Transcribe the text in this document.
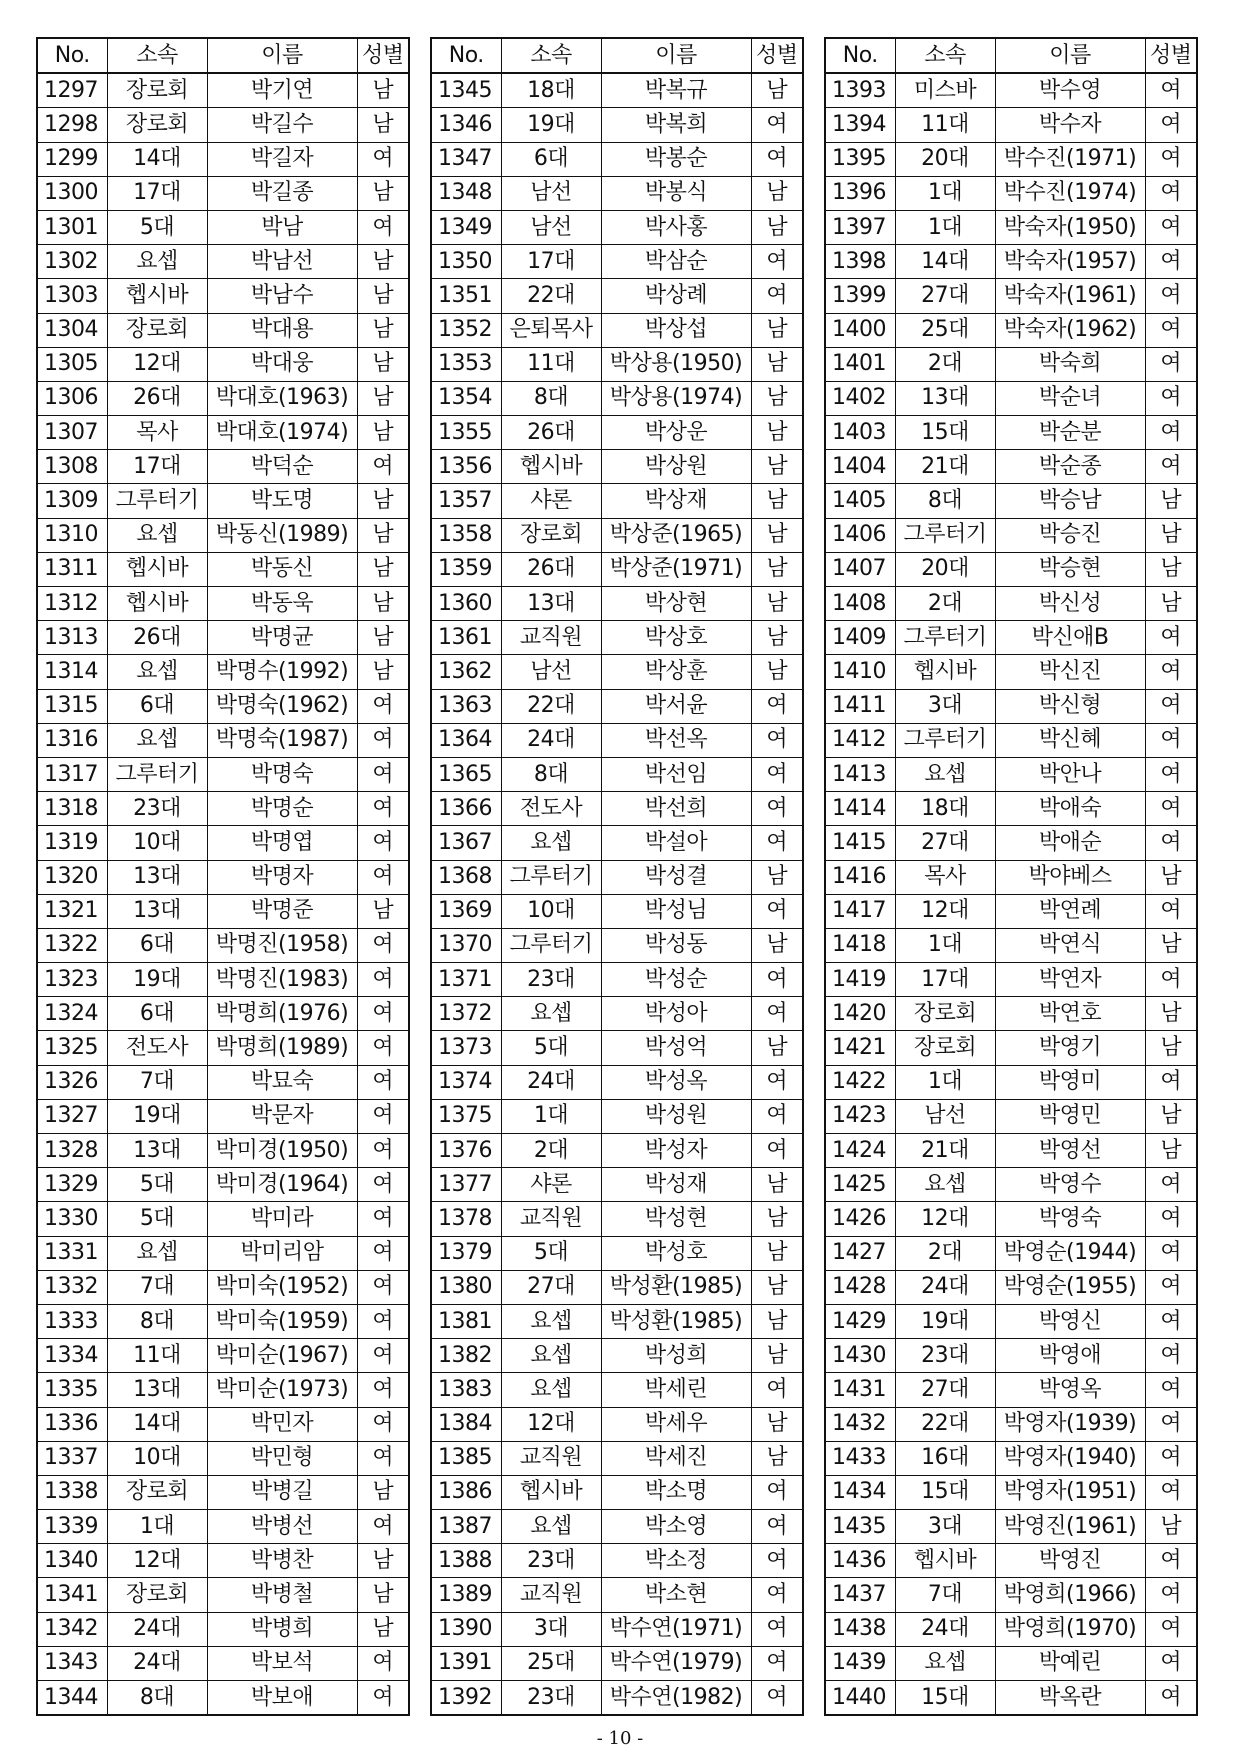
No.	소속	이름	성별
1297	장로회	박기연	남
1298	장로회	박길수	남
1299	14대	박길자	여
1300	17대	박길종	남
1301	5대	박남	여
1302	요셉	박남선	남
1303	헵시바	박남수	남
1304	장로회	박대용	남
1305	12대	박대웅	남
1306	26대	박대호(1963)	남
1307	목사	박대호(1974)	남
1308	17대	박덕순	여
1309	그루터기	박도명	남
1310	요셉	박동신(1989)	남
1311	헵시바	박동신	남
1312	헵시바	박동욱	남
1313	26대	박명균	남
1314	요셉	박명수(1992)	남
1315	6대	박명숙(1962)	여
1316	요셉	박명숙(1987)	여
1317	그루터기	박명숙	여
1318	23대	박명순	여
1319	10대	박명엽	여
1320	13대	박명자	여
1321	13대	박명준	남
1322	6대	박명진(1958)	여
1323	19대	박명진(1983)	여
1324	6대	박명희(1976)	여
1325	전도사	박명희(1989)	여
1326	7대	박묘숙	여
1327	19대	박문자	여
1328	13대	박미경(1950)	여
1329	5대	박미경(1964)	여
1330	5대	박미라	여
1331	요셉	박미리암	여
1332	7대	박미숙(1952)	여
1333	8대	박미숙(1959)	여
1334	11대	박미순(1967)	여
1335	13대	박미순(1973)	여
1336	14대	박민자	여
1337	10대	박민형	여
1338	장로회	박병길	남
1339	1대	박병선	여
1340	12대	박병찬	남
1341	장로회	박병철	남
1342	24대	박병희	남
1343	24대	박보석	여
1344	8대	박보애	여
No.	소속	이름	성별
1345	18대	박복규	남
1346	19대	박복희	여
1347	6대	박봉순	여
1348	남선	박봉식	남
1349	남선	박사홍	남
1350	17대	박삼순	여
1351	22대	박상례	여
1352	은퇴목사	박상섭	남
1353	11대	박상용(1950)	남
1354	8대	박상용(1974)	남
1355	26대	박상운	남
1356	헵시바	박상원	남
1357	샤론	박상재	남
1358	장로회	박상준(1965)	남
1359	26대	박상준(1971)	남
1360	13대	박상현	남
1361	교직원	박상호	남
1362	남선	박상훈	남
1363	22대	박서윤	여
1364	24대	박선옥	여
1365	8대	박선임	여
1366	전도사	박선희	여
1367	요셉	박설아	여
1368	그루터기	박성결	남
1369	10대	박성님	여
1370	그루터기	박성동	남
1371	23대	박성순	여
1372	요셉	박성아	여
1373	5대	박성억	남
1374	24대	박성옥	여
1375	1대	박성원	여
1376	2대	박성자	여
1377	샤론	박성재	남
1378	교직원	박성현	남
1379	5대	박성호	남
1380	27대	박성환(1985)	남
1381	요셉	박성환(1985)	남
1382	요셉	박성희	남
1383	요셉	박세린	여
1384	12대	박세우	남
1385	교직원	박세진	남
1386	헵시바	박소명	여
1387	요셉	박소영	여
1388	23대	박소정	여
1389	교직원	박소현	여
1390	3대	박수연(1971)	여
1391	25대	박수연(1979)	여
1392	23대	박수연(1982)	여
No.	소속	이름	성별
1393	미스바	박수영	여
1394	11대	박수자	여
1395	20대	박수진(1971)	여
1396	1대	박수진(1974)	여
1397	1대	박숙자(1950)	여
1398	14대	박숙자(1957)	여
1399	27대	박숙자(1961)	여
1400	25대	박숙자(1962)	여
1401	2대	박숙희	여
1402	13대	박순녀	여
1403	15대	박순분	여
1404	21대	박순종	여
1405	8대	박승남	남
1406	그루터기	박승진	남
1407	20대	박승현	남
1408	2대	박신성	남
1409	그루터기	박신애B	여
1410	헵시바	박신진	여
1411	3대	박신형	여
1412	그루터기	박신혜	여
1413	요셉	박안나	여
1414	18대	박애숙	여
1415	27대	박애순	여
1416	목사	박야베스	남
1417	12대	박연례	여
1418	1대	박연식	남
1419	17대	박연자	여
1420	장로회	박연호	남
1421	장로회	박영기	남
1422	1대	박영미	여
1423	남선	박영민	남
1424	21대	박영선	남
1425	요셉	박영수	여
1426	12대	박영숙	여
1427	2대	박영순(1944)	여
1428	24대	박영순(1955)	여
1429	19대	박영신	여
1430	23대	박영애	여
1431	27대	박영옥	여
1432	22대	박영자(1939)	여
1433	16대	박영자(1940)	여
1434	15대	박영자(1951)	여
1435	3대	박영진(1961)	남
1436	헵시바	박영진	여
1437	7대	박영희(1966)	여
1438	24대	박영희(1970)	여
1439	요셉	박예린	여
1440	15대	박옥란	여
- 10 -
